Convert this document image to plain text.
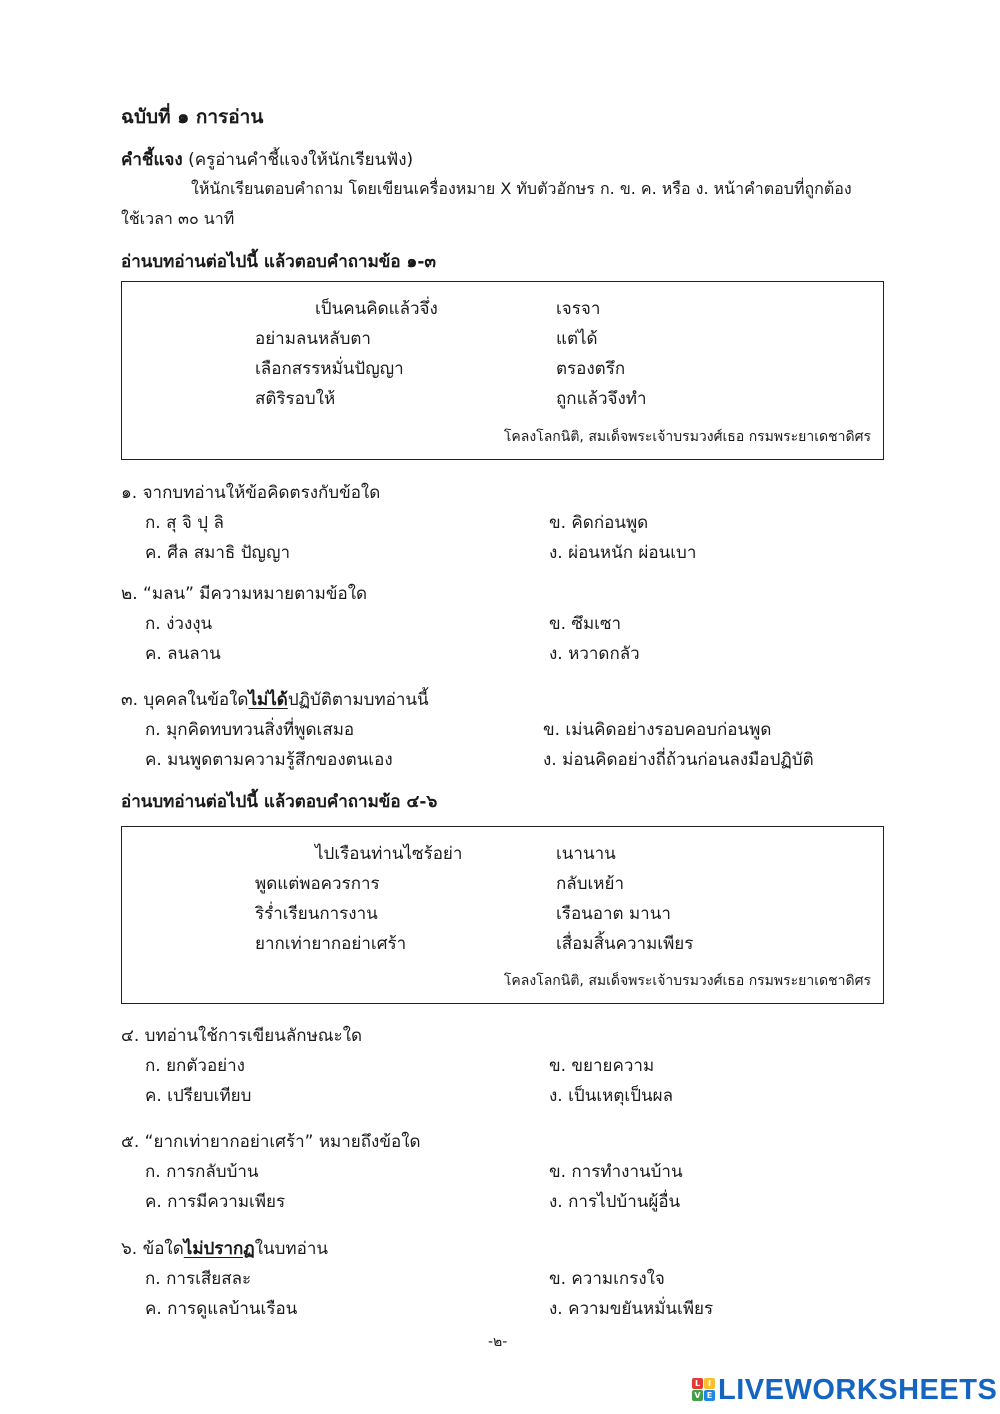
ฉบับที่ ๑ การอ่าน
คำชี้แจง (ครูอ่านคำชี้แจงให้นักเรียนฟัง)
ให้นักเรียนตอบคำถาม โดยเขียนเครื่องหมาย X ทับตัวอักษร ก. ข. ค. หรือ ง. หน้าคำตอบที่ถูกต้อง
ใช้เวลา ๓๐ นาที
อ่านบทอ่านต่อไปนี้ แล้วตอบคำถามข้อ ๑-๓
เป็นคนคิดแล้วจึ่ง	เจรจา
อย่ามลนหลับตา	แต่ได้
เลือกสรรหมั่นปัญญา	ตรองตรึก
สติริรอบให้	ถูกแล้วจึงทำ
โคลงโลกนิติ, สมเด็จพระเจ้าบรมวงศ์เธอ กรมพระยาเดชาดิศร
๑. จากบทอ่านให้ข้อคิดตรงกับข้อใด
ก. สุ จิ ปุ ลิ	ข. คิดก่อนพูด
ค. ศีล สมาธิ ปัญญา	ง. ผ่อนหนัก ผ่อนเบา
๒. “มลน” มีความหมายตามข้อใด
ก. ง่วงงุน	ข. ซึมเซา
ค. ลนลาน	ง. หวาดกลัว
๓. บุคคลในข้อใดไม่ได้ปฏิบัติตามบทอ่านนี้
ก. มุกคิดทบทวนสิ่งที่พูดเสมอ	ข. เม่นคิดอย่างรอบคอบก่อนพูด
ค. มนพูดตามความรู้สึกของตนเอง	ง. ม่อนคิดอย่างถี่ถ้วนก่อนลงมือปฏิบัติ
อ่านบทอ่านต่อไปนี้ แล้วตอบคำถามข้อ ๔-๖
ไปเรือนท่านไซร้อย่า	เนานาน
พูดแต่พอควรการ	กลับเหย้า
ริร่ำเรียนการงาน	เรือนอาต มานา
ยากเท่ายากอย่าเศร้า	เสื่อมสิ้นความเพียร
โคลงโลกนิติ, สมเด็จพระเจ้าบรมวงศ์เธอ กรมพระยาเดชาดิศร
๔. บทอ่านใช้การเขียนลักษณะใด
ก. ยกตัวอย่าง	ข. ขยายความ
ค. เปรียบเทียบ	ง. เป็นเหตุเป็นผล
๕. “ยากเท่ายากอย่าเศร้า” หมายถึงข้อใด
ก. การกลับบ้าน	ข. การทำงานบ้าน
ค. การมีความเพียร	ง. การไปบ้านผู้อื่น
๖. ข้อใดไม่ปรากฏในบทอ่าน
ก. การเสียสละ	ข. ความเกรงใจ
ค. การดูแลบ้านเรือน	ง. ความขยันหมั่นเพียร
-๒-
L I
V E LIVEWORKSHEETS
